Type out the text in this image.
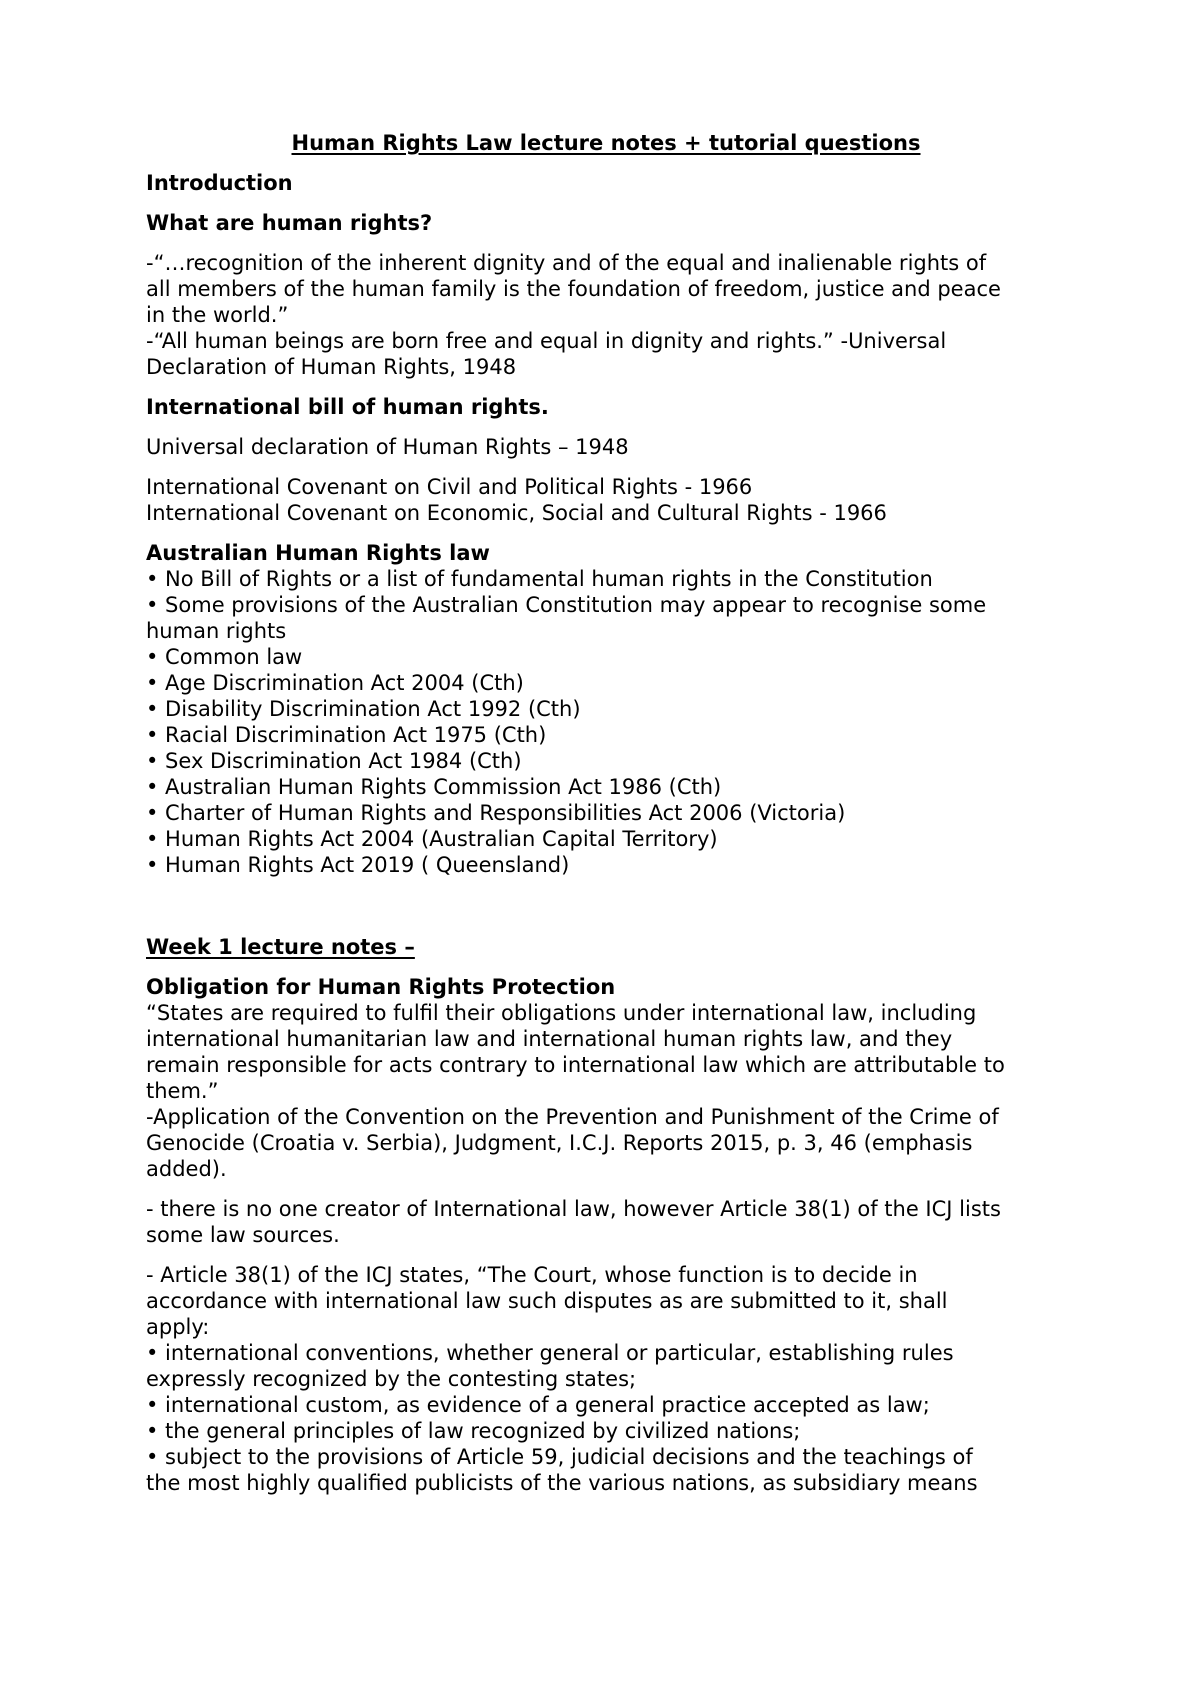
Human Rights Law lecture notes + tutorial questions
Introduction
What are human rights?
-“…recognition of the inherent dignity and of the equal and inalienable rights of
all members of the human family is the foundation of freedom, justice and peace
in the world.”
-“All human beings are born free and equal in dignity and rights.” -Universal
Declaration of Human Rights, 1948
International bill of human rights.
Universal declaration of Human Rights – 1948
International Covenant on Civil and Political Rights - 1966
International Covenant on Economic, Social and Cultural Rights - 1966
Australian Human Rights law
• No Bill of Rights or a list of fundamental human rights in the Constitution
• Some provisions of the Australian Constitution may appear to recognise some
human rights
• Common law
• Age Discrimination Act 2004 (Cth)
• Disability Discrimination Act 1992 (Cth)
• Racial Discrimination Act 1975 (Cth)
• Sex Discrimination Act 1984 (Cth)
• Australian Human Rights Commission Act 1986 (Cth)
• Charter of Human Rights and Responsibilities Act 2006 (Victoria)
• Human Rights Act 2004 (Australian Capital Territory)
• Human Rights Act 2019 ( Queensland)
Week 1 lecture notes –
Obligation for Human Rights Protection
“States are required to fulfil their obligations under international law, including
international humanitarian law and international human rights law, and they
remain responsible for acts contrary to international law which are attributable to
them.”
-Application of the Convention on the Prevention and Punishment of the Crime of
Genocide (Croatia v. Serbia), Judgment, I.C.J. Reports 2015, p. 3, 46 (emphasis
added).
- there is no one creator of International law, however Article 38(1) of the ICJ lists
some law sources.
- Article 38(1) of the ICJ states, “The Court, whose function is to decide in
accordance with international law such disputes as are submitted to it, shall
apply:
• international conventions, whether general or particular, establishing rules
expressly recognized by the contesting states;
• international custom, as evidence of a general practice accepted as law;
• the general principles of law recognized by civilized nations;
• subject to the provisions of Article 59, judicial decisions and the teachings of
the most highly qualified publicists of the various nations, as subsidiary means
